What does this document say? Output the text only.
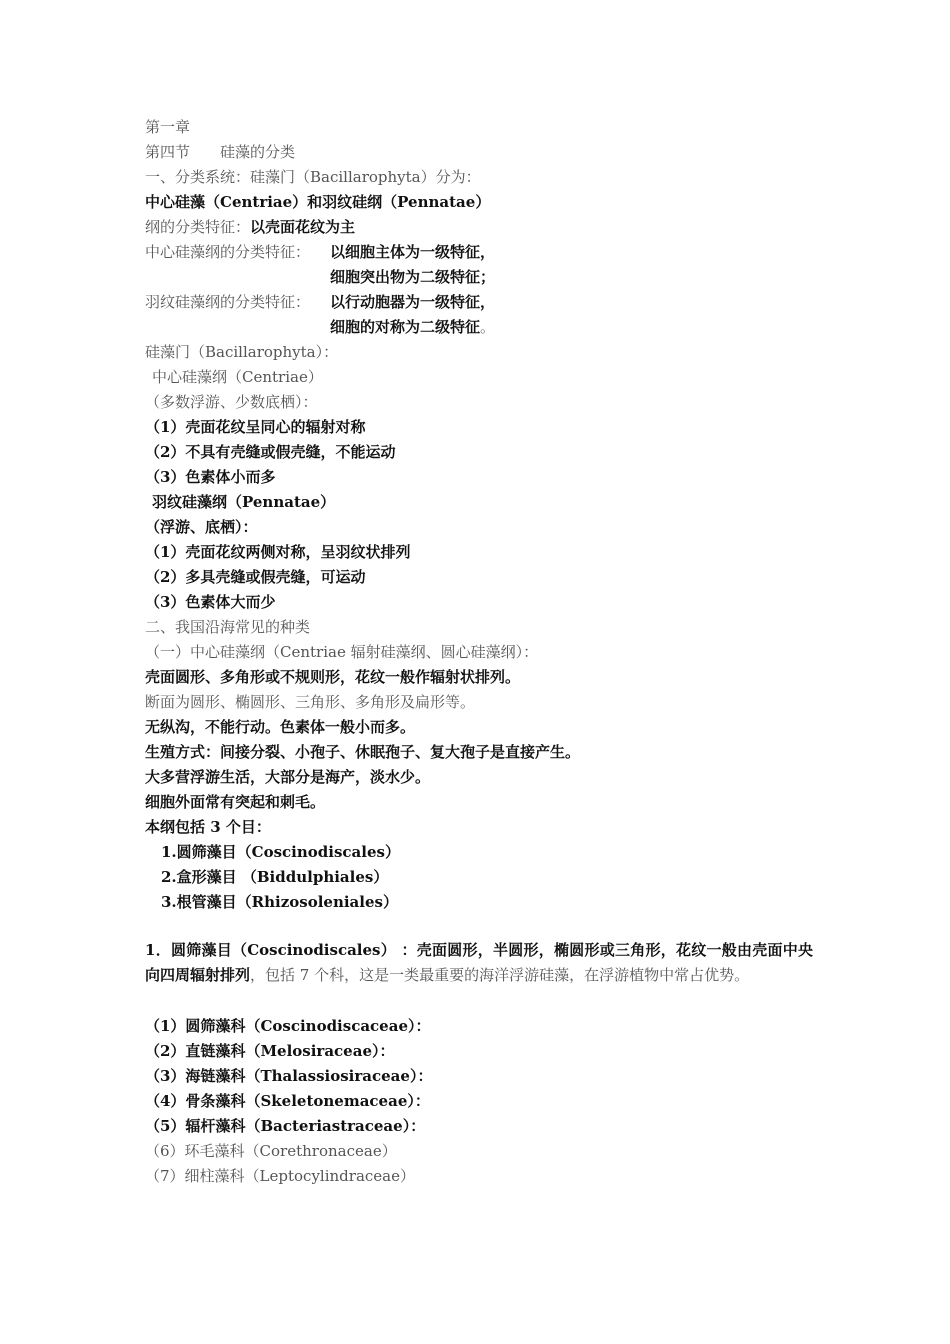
第一章
第四节　　硅藻的分类
一、分类系统：硅藻门（Bacillarophyta）分为：
中心硅藻（Centriae）和羽纹硅纲（Pennatae）
纲的分类特征：以壳面花纹为主
中心硅藻纲的分类特征： 以细胞主体为一级特征，
细胞突出物为二级特征；
羽纹硅藻纲的分类特征： 以行动胞器为一级特征，
细胞的对称为二级特征。
硅藻门（Bacillarophyta）：
中心硅藻纲（Centriae）
（多数浮游、少数底栖）：
（1）壳面花纹呈同心的辐射对称
（2）不具有壳缝或假壳缝，不能运动
（3）色素体小而多
羽纹硅藻纲（Pennatae）
（浮游、底栖）：
（1）壳面花纹两侧对称，呈羽纹状排列
（2）多具壳缝或假壳缝，可运动
（3）色素体大而少
二、我国沿海常见的种类
（一）中心硅藻纲（Centriae 辐射硅藻纲、圆心硅藻纲）：
壳面圆形、多角形或不规则形，花纹一般作辐射状排列。
断面为圆形、椭圆形、三角形、多角形及扁形等。
无纵沟，不能行动。色素体一般小而多。
生殖方式：间接分裂、小孢子、休眠孢子、复大孢子是直接产生。
大多营浮游生活，大部分是海产，淡水少。
细胞外面常有突起和刺毛。
本纲包括 3 个目：
1.圆筛藻目（Coscinodiscales）
2.盒形藻目 （Biddulphiales）
3.根管藻目（Rhizosoleniales）
1．圆筛藻目（Coscinodiscales） ：壳面圆形，半圆形，椭圆形或三角形，花纹一般由壳面中央向四周辐射排列，包括 7 个科，这是一类最重要的海洋浮游硅藻，在浮游植物中常占优势。
（1）圆筛藻科（Coscinodiscaceae）：
（2）直链藻科（Melosiraceae）：
（3）海链藻科（Thalassiosiraceae）：
（4）骨条藻科（Skeletonemaceae）：
（5）辐杆藻科（Bacteriastraceae）：
（6）环毛藻科（Corethronaceae）
（7）细柱藻科（Leptocylindraceae）
